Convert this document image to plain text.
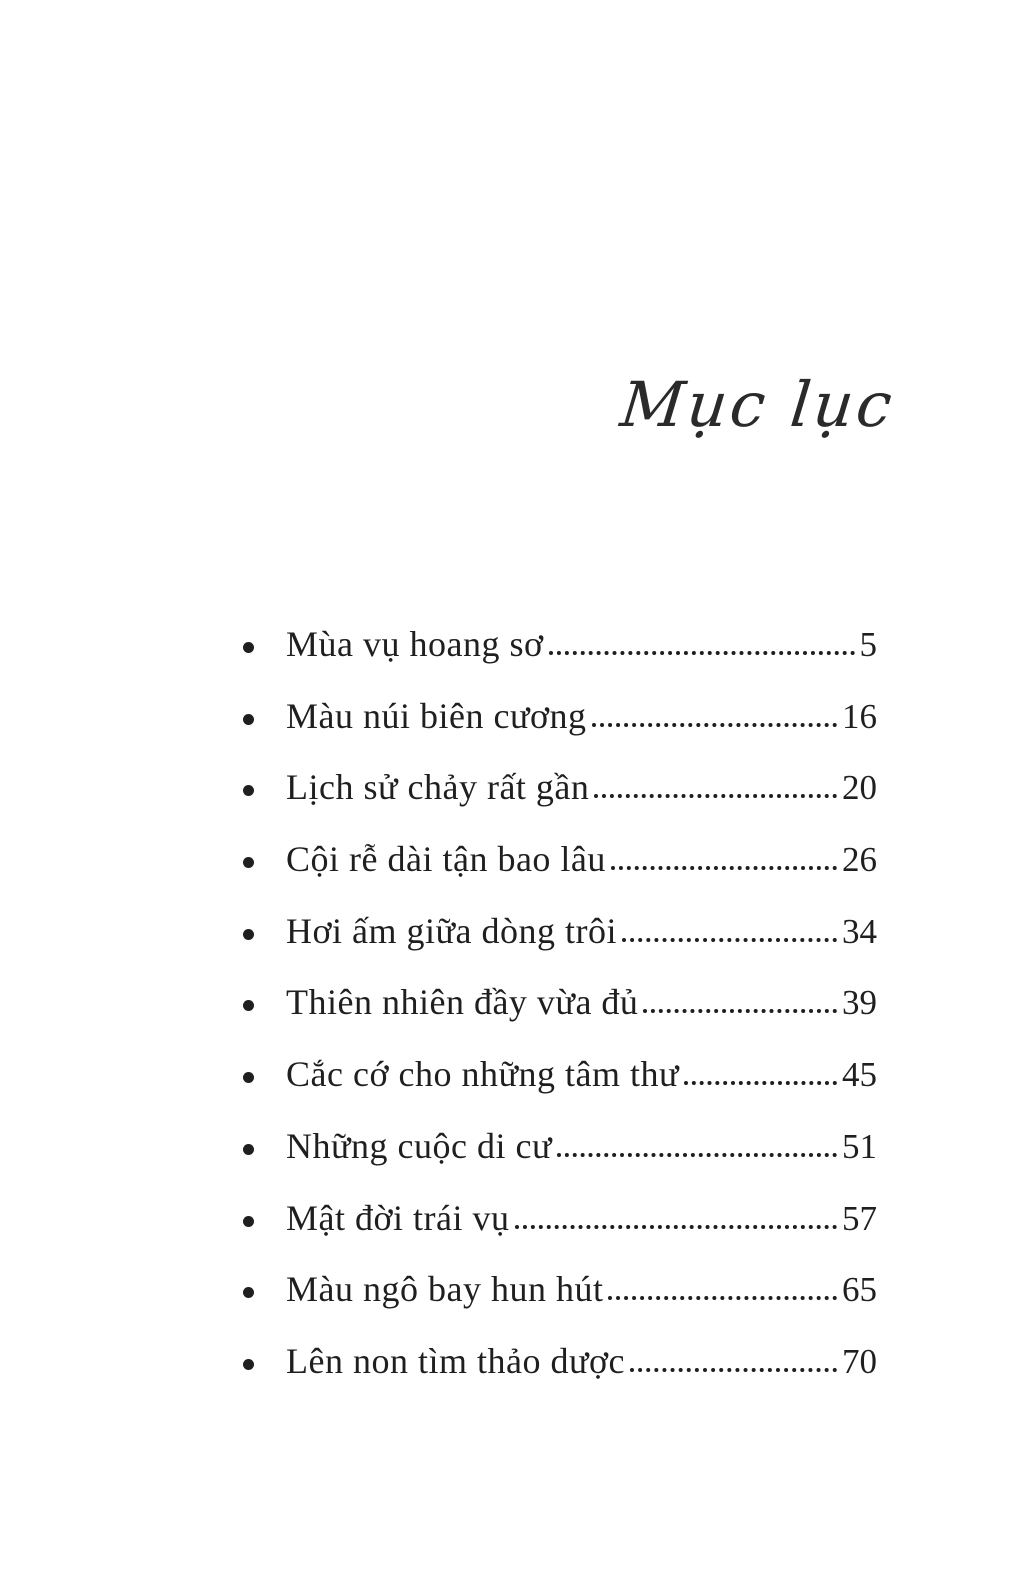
Mục lục
Mùa vụ hoang sơ	5
Màu núi biên cương	16
Lịch sử chảy rất gần	20
Cội rễ dài tận bao lâu	26
Hơi ấm giữa dòng trôi	34
Thiên nhiên đầy vừa đủ	39
Cắc cớ cho những tâm thư	45
Những cuộc di cư	51
Mật đời trái vụ	57
Màu ngô bay hun hút	65
Lên non tìm thảo dược	70
